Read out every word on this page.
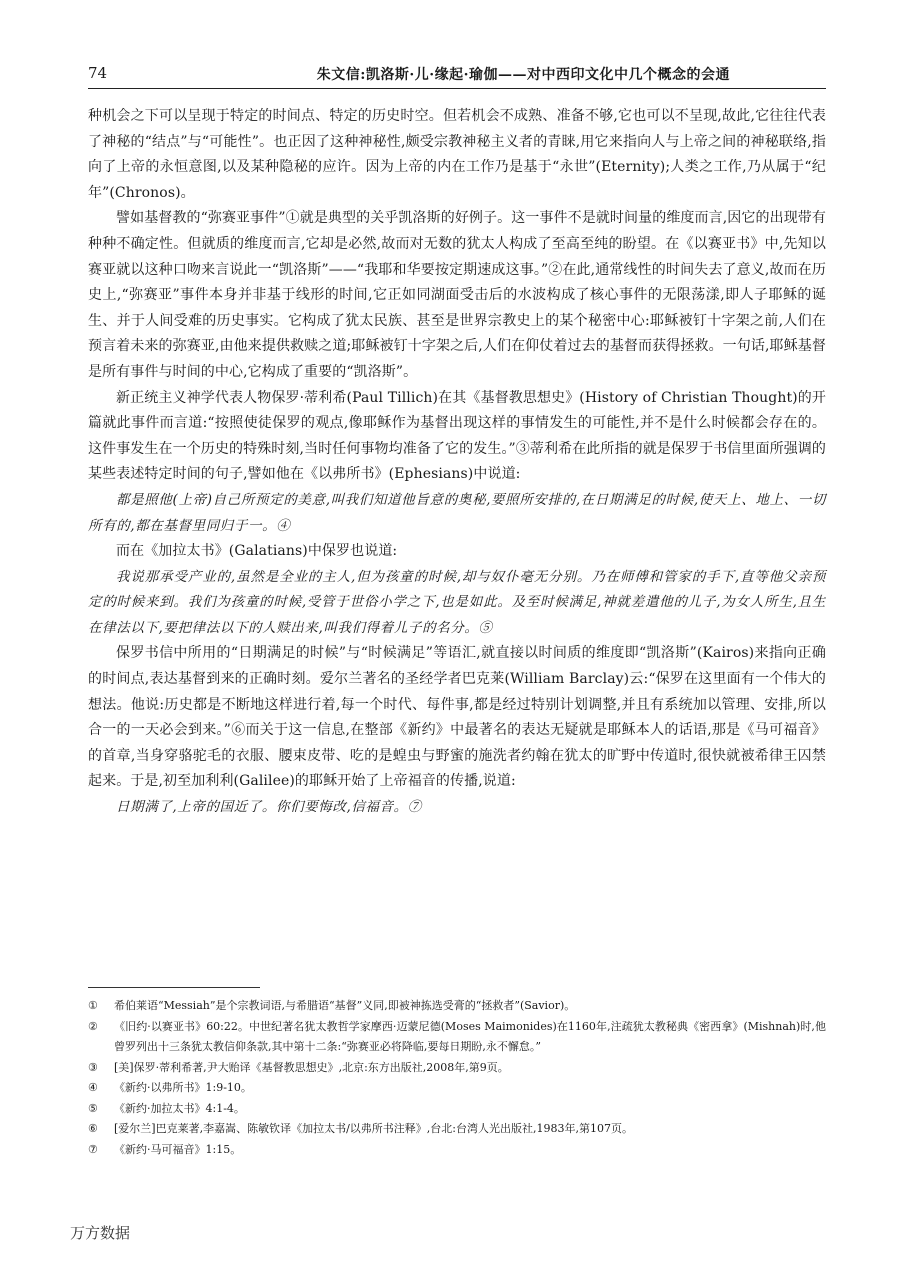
74	朱文信:凯洛斯·儿·缘起·瑜伽——对中西印文化中几个概念的会通

种机会之下可以呈现于特定的时间点、特定的历史时空。但若机会不成熟、准备不够,它也可以不呈现,故此,它往往代表了神秘的“结点”与“可能性”。也正因了这种神秘性,颇受宗教神秘主义者的青睐,用它来指向人与上帝之间的神秘联络,指向了上帝的永恒意图,以及某种隐秘的应许。因为上帝的内在工作乃是基于“永世”(Eternity);人类之工作,乃从属于“纪年”(Chronos)。

譬如基督教的“弥赛亚事件”①就是典型的关乎凯洛斯的好例子。这一事件不是就时间量的维度而言,因它的出现带有种种不确定性。但就质的维度而言,它却是必然,故而对无数的犹太人构成了至高至纯的盼望。在《以赛亚书》中,先知以赛亚就以这种口吻来言说此一“凯洛斯”——“我耶和华要按定期速成这事。”②在此,通常线性的时间失去了意义,故而在历史上,“弥赛亚”事件本身并非基于线形的时间,它正如同湖面受击后的水波构成了核心事件的无限荡漾,即人子耶稣的诞生、并于人间受难的历史事实。它构成了犹太民族、甚至是世界宗教史上的某个秘密中心:耶稣被钉十字架之前,人们在预言着未来的弥赛亚,由他来提供救赎之道;耶稣被钉十字架之后,人们在仰仗着过去的基督而获得拯救。一句话,耶稣基督是所有事件与时间的中心,它构成了重要的“凯洛斯”。

新正统主义神学代表人物保罗·蒂利希(Paul Tillich)在其《基督教思想史》(History of Christian Thought)的开篇就此事件而言道:“按照使徒保罗的观点,像耶稣作为基督出现这样的事情发生的可能性,并不是什么时候都会存在的。这件事发生在一个历史的特殊时刻,当时任何事物均准备了它的发生。”③蒂利希在此所指的就是保罗于书信里面所强调的某些表述特定时间的句子,譬如他在《以弗所书》(Ephesians)中说道:

都是照他(上帝)自己所预定的美意,叫我们知道他旨意的奥秘,要照所安排的,在日期满足的时候,使天上、地上、一切所有的,都在基督里同归于一。④

而在《加拉太书》(Galatians)中保罗也说道:

我说那承受产业的,虽然是全业的主人,但为孩童的时候,却与奴仆毫无分别。乃在师傅和管家的手下,直等他父亲预定的时候来到。我们为孩童的时候,受管于世俗小学之下,也是如此。及至时候满足,神就差遣他的儿子,为女人所生,且生在律法以下,要把律法以下的人赎出来,叫我们得着儿子的名分。⑤

保罗书信中所用的“日期满足的时候”与“时候满足”等语汇,就直接以时间质的维度即“凯洛斯”(Kairos)来指向正确的时间点,表达基督到来的正确时刻。爱尔兰著名的圣经学者巴克莱(William Barclay)云:“保罗在这里面有一个伟大的想法。他说:历史都是不断地这样进行着,每一个时代、每件事,都是经过特别计划调整,并且有系统加以管理、安排,所以合一的一天必会到来。”⑥而关于这一信息,在整部《新约》中最著名的表达无疑就是耶稣本人的话语,那是《马可福音》的首章,当身穿骆驼毛的衣服、腰束皮带、吃的是蝗虫与野蜜的施洗者约翰在犹太的旷野中传道时,很快就被希律王囚禁起来。于是,初至加利利(Galilee)的耶稣开始了上帝福音的传播,说道:

日期满了,上帝的国近了。你们要悔改,信福音。⑦

① 希伯莱语“Messiah”是个宗教词语,与希腊语“基督”义同,即被神拣选受膏的“拯救者”(Savior)。

② 《旧约·以赛亚书》60:22。中世纪著名犹太教哲学家摩西·迈蒙尼德(Moses Maimonides)在1160年,注疏犹太教秘典《密西拿》(Mishnah)时,他曾罗列出十三条犹太教信仰条款,其中第十二条:“弥赛亚必将降临,要每日期盼,永不懈怠。”

③ [美]保罗·蒂利希著,尹大贻译《基督教思想史》,北京:东方出版社,2008年,第9页。

④ 《新约·以弗所书》1:9-10。

⑤ 《新约·加拉太书》4:1-4。

⑥ [爱尔兰]巴克莱著,李嘉嵩、陈敏钦译《加拉太书/以弗所书注释》,台北:台湾人光出版社,1983年,第107页。

⑦ 《新约·马可福音》1:15。

万方数据
